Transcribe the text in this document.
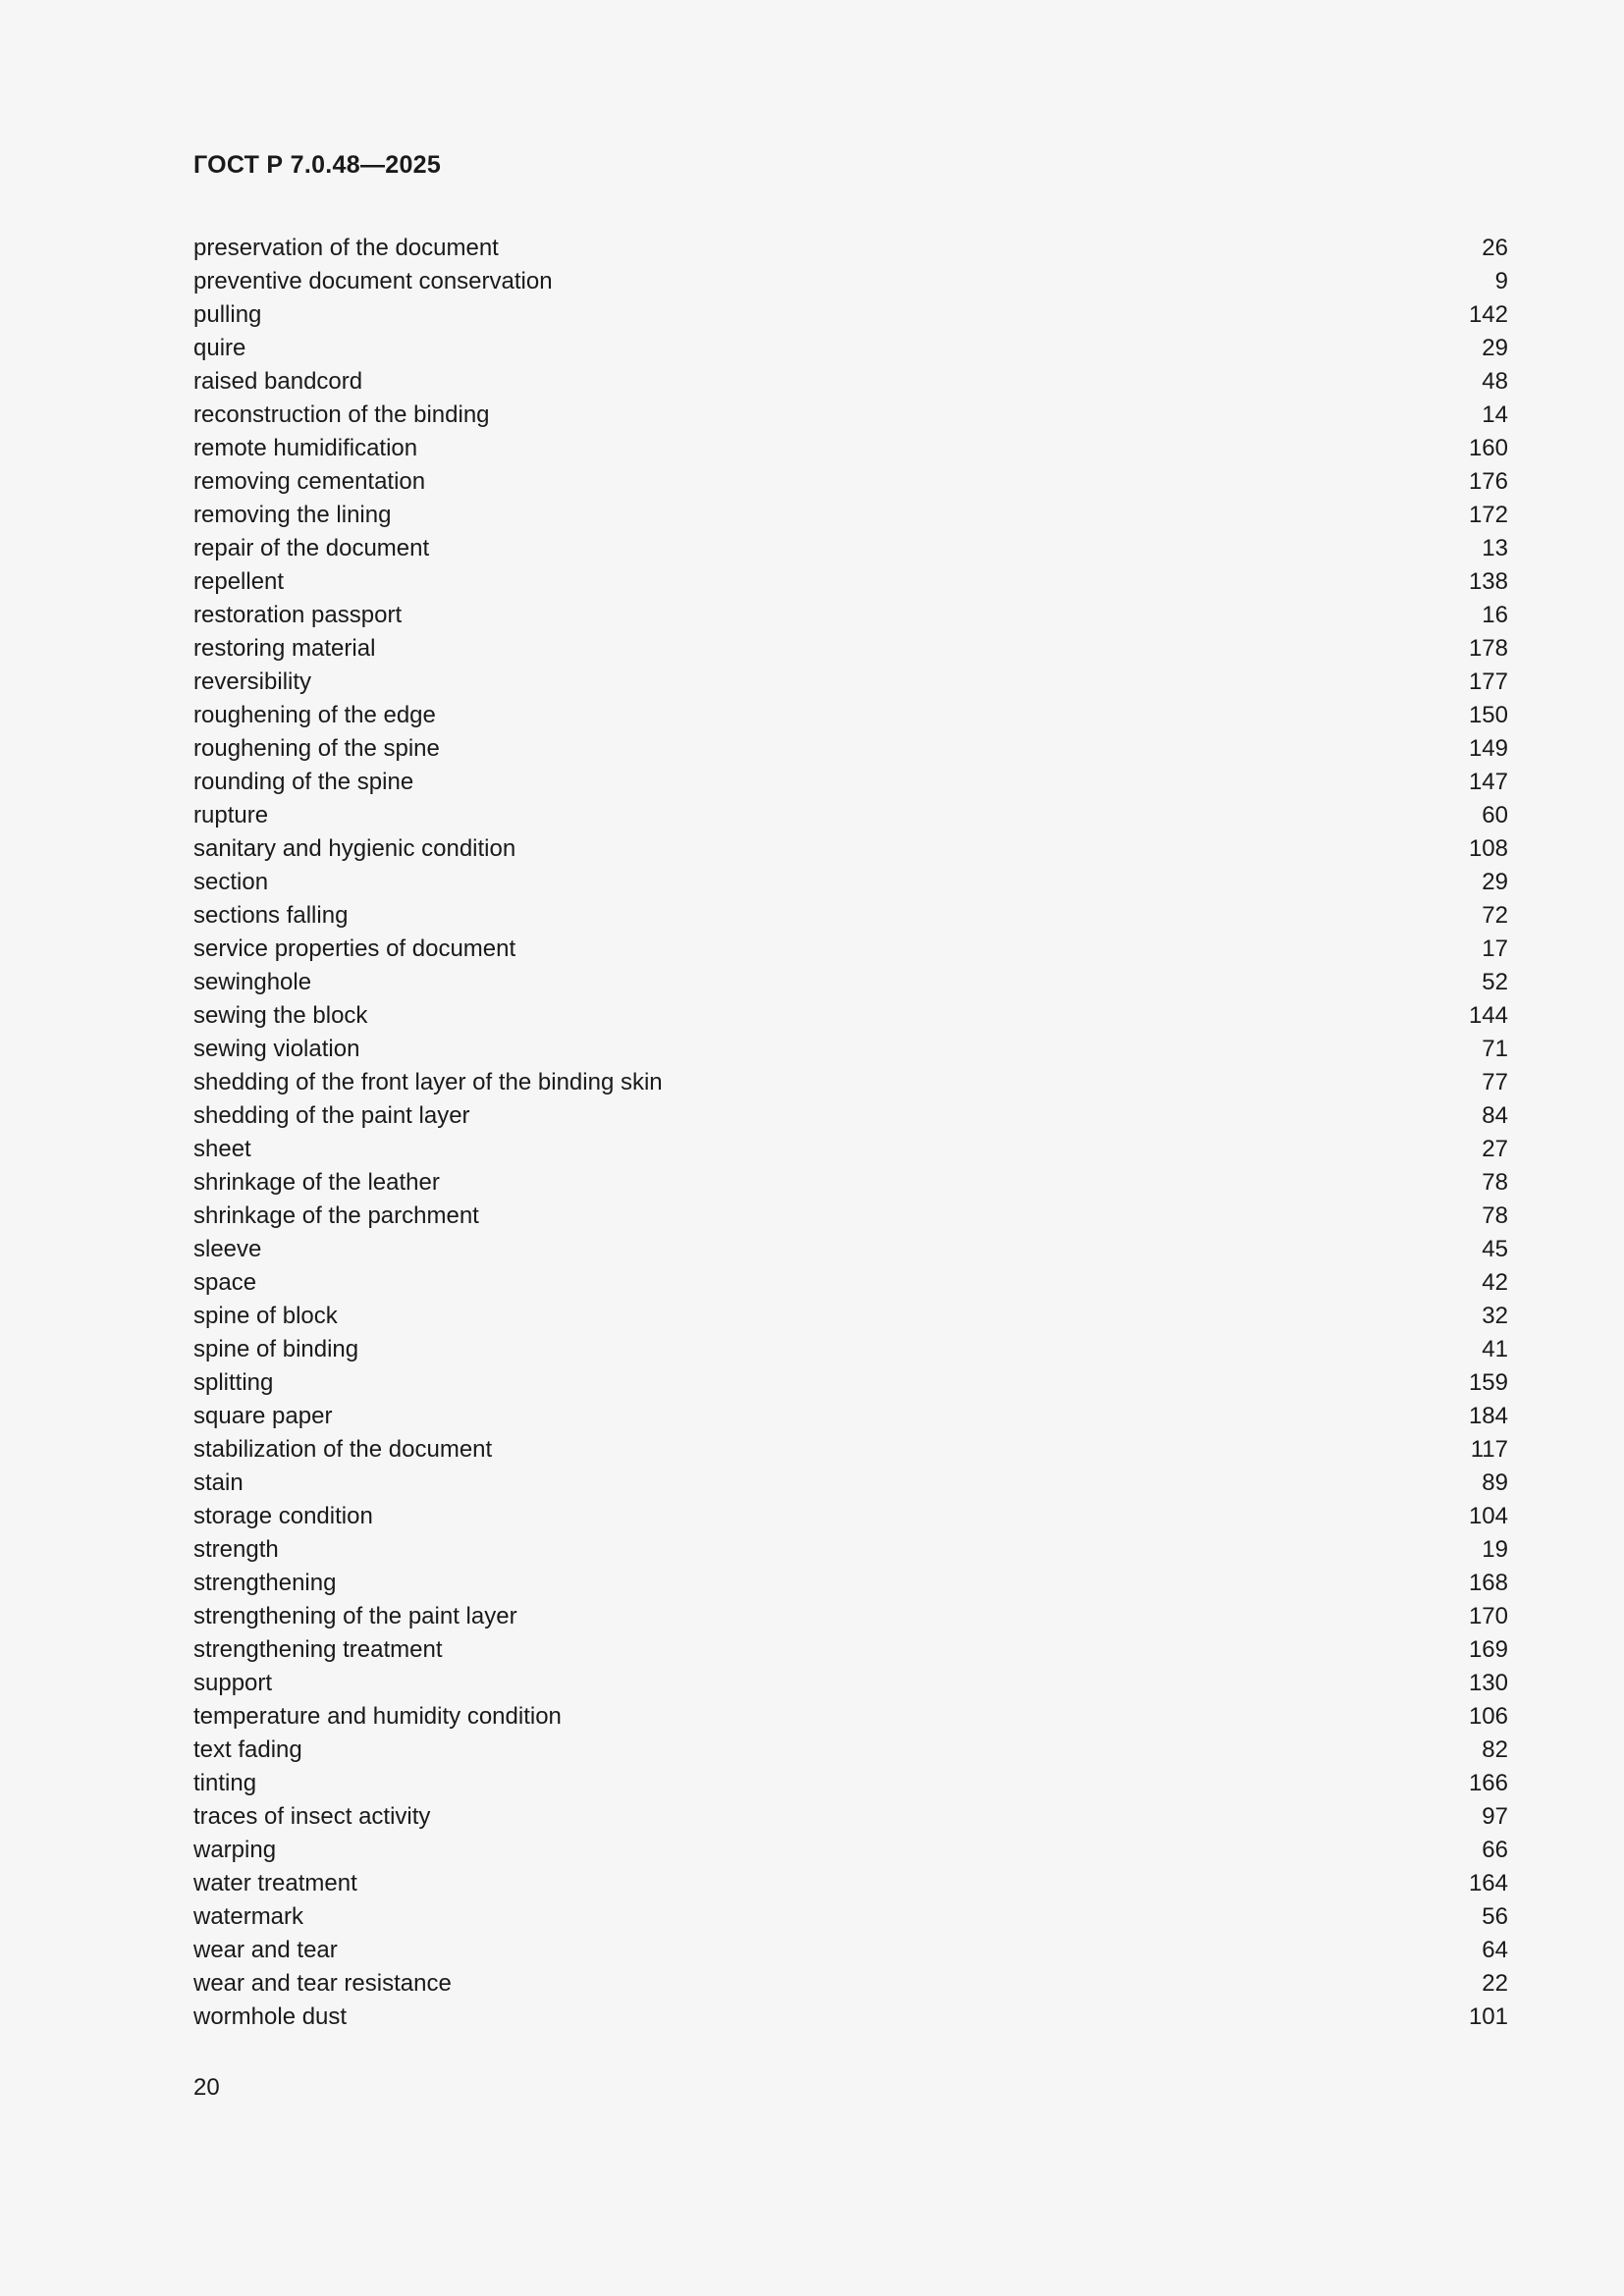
ГОСТ Р 7.0.48—2025
preservation of the document	26
preventive document conservation	9
pulling	142
quire	29
raised bandcord	48
reconstruction of the binding	14
remote humidification	160
removing cementation	176
removing the lining	172
repair of the document	13
repellent	138
restoration passport	16
restoring material	178
reversibility	177
roughening of the edge	150
roughening of the spine	149
rounding of the spine	147
rupture	60
sanitary and hygienic condition	108
section	29
sections falling	72
service properties of document	17
sewinghole	52
sewing the block	144
sewing violation	71
shedding of the front layer of the binding skin	77
shedding of the paint layer	84
sheet	27
shrinkage of the leather	78
shrinkage of the parchment	78
sleeve	45
space	42
spine of block	32
spine of binding	41
splitting	159
square paper	184
stabilization of the document	117
stain	89
storage condition	104
strength	19
strengthening	168
strengthening of the paint layer	170
strengthening treatment	169
support	130
temperature and humidity condition	106
text fading	82
tinting	166
traces of insect activity	97
warping	66
water treatment	164
watermark	56
wear and tear	64
wear and tear resistance	22
wormhole dust	101
20
